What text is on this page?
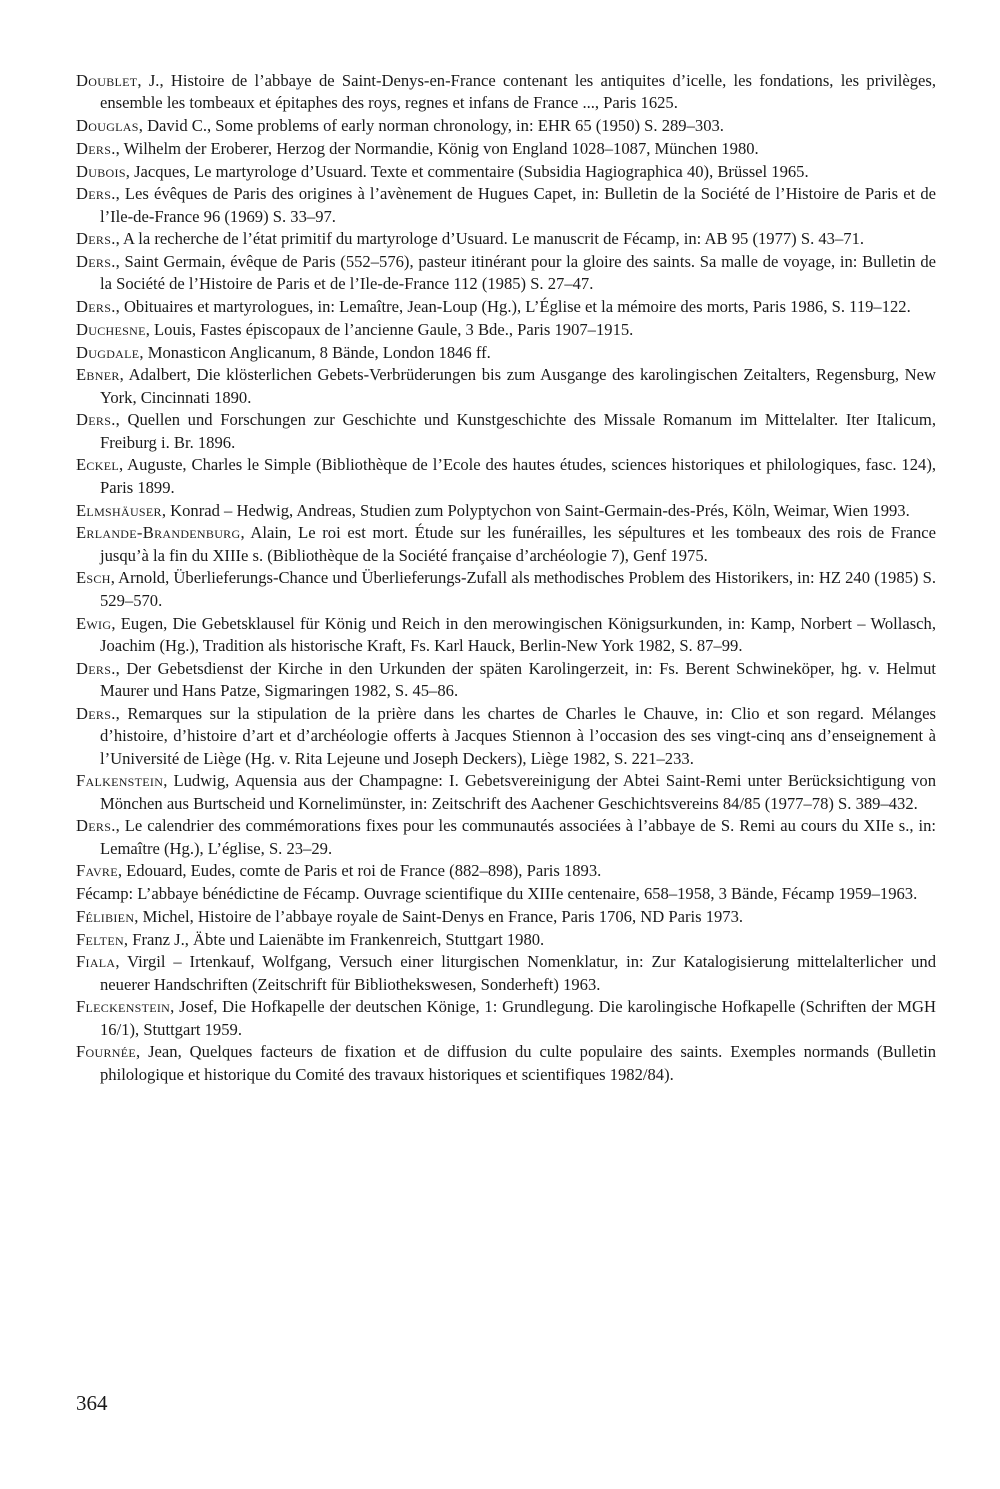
Doublet, J., Histoire de l’abbaye de Saint-Denys-en-France contenant les antiquites d’icelle, les fondations, les privilèges, ensemble les tombeaux et épitaphes des roys, regnes et infans de France ..., Paris 1625.

Douglas, David C., Some problems of early norman chronology, in: EHR 65 (1950) S. 289–303.

Ders., Wilhelm der Eroberer, Herzog der Normandie, König von England 1028–1087, München 1980.

Dubois, Jacques, Le martyrologe d’Usuard. Texte et commentaire (Subsidia Hagiographica 40), Brüssel 1965.

Ders., Les évêques de Paris des origines à l’avènement de Hugues Capet, in: Bulletin de la Société de l’Histoire de Paris et de l’Ile-de-France 96 (1969) S. 33–97.

Ders., A la recherche de l’état primitif du martyrologe d’Usuard. Le manuscrit de Fécamp, in: AB 95 (1977) S. 43–71.

Ders., Saint Germain, évêque de Paris (552–576), pasteur itinérant pour la gloire des saints. Sa malle de voyage, in: Bulletin de la Société de l’Histoire de Paris et de l’Ile-de-France 112 (1985) S. 27–47.

Ders., Obituaires et martyrologues, in: Lemaître, Jean-Loup (Hg.), L’Église et la mémoire des morts, Paris 1986, S. 119–122.

Duchesne, Louis, Fastes épiscopaux de l’ancienne Gaule, 3 Bde., Paris 1907–1915.

Dugdale, Monasticon Anglicanum, 8 Bände, London 1846 ff.

Ebner, Adalbert, Die klösterlichen Gebets-Verbrüderungen bis zum Ausgange des karolingischen Zeitalters, Regensburg, New York, Cincinnati 1890.

Ders., Quellen und Forschungen zur Geschichte und Kunstgeschichte des Missale Romanum im Mittelalter. Iter Italicum, Freiburg i. Br. 1896.

Eckel, Auguste, Charles le Simple (Bibliothèque de l’Ecole des hautes études, sciences historiques et philologiques, fasc. 124), Paris 1899.

Elmshäuser, Konrad – Hedwig, Andreas, Studien zum Polyptychon von Saint-Germain-des-Prés, Köln, Weimar, Wien 1993.

Erlande-Brandenburg, Alain, Le roi est mort. Étude sur les funérailles, les sépultures et les tombeaux des rois de France jusqu’à la fin du XIIIe s. (Bibliothèque de la Société française d’archéologie 7), Genf 1975.

Esch, Arnold, Überlieferungs-Chance und Überlieferungs-Zufall als methodisches Problem des Historikers, in: HZ 240 (1985) S. 529–570.

Ewig, Eugen, Die Gebetsklausel für König und Reich in den merowingischen Königsurkunden, in: Kamp, Norbert – Wollasch, Joachim (Hg.), Tradition als historische Kraft, Fs. Karl Hauck, Berlin-New York 1982, S. 87–99.

Ders., Der Gebetsdienst der Kirche in den Urkunden der späten Karolingerzeit, in: Fs. Berent Schwineköper, hg. v. Helmut Maurer und Hans Patze, Sigmaringen 1982, S. 45–86.

Ders., Remarques sur la stipulation de la prière dans les chartes de Charles le Chauve, in: Clio et son regard. Mélanges d’histoire, d’histoire d’art et d’archéologie offerts à Jacques Stiennon à l’occasion des ses vingt-cinq ans d’enseignement à l’Université de Liège (Hg. v. Rita Lejeune und Joseph Deckers), Liège 1982, S. 221–233.

Falkenstein, Ludwig, Aquensia aus der Champagne: I. Gebetsvereinigung der Abtei Saint-Remi unter Berücksichtigung von Mönchen aus Burtscheid und Kornelimünster, in: Zeitschrift des Aachener Geschichtsvereins 84/85 (1977–78) S. 389–432.

Ders., Le calendrier des commémorations fixes pour les communautés associées à l’abbaye de S. Remi au cours du XIIe s., in: Lemaître (Hg.), L’église, S. 23–29.

Favre, Edouard, Eudes, comte de Paris et roi de France (882–898), Paris 1893.

Fécamp: L’abbaye bénédictine de Fécamp. Ouvrage scientifique du XIIIe centenaire, 658–1958, 3 Bände, Fécamp 1959–1963.

Félibien, Michel, Histoire de l’abbaye royale de Saint-Denys en France, Paris 1706, ND Paris 1973.

Felten, Franz J., Äbte und Laienäbte im Frankenreich, Stuttgart 1980.

Fiala, Virgil – Irtenkauf, Wolfgang, Versuch einer liturgischen Nomenklatur, in: Zur Katalogisierung mittelalterlicher und neuerer Handschriften (Zeitschrift für Bibliothekswesen, Sonderheft) 1963.

Fleckenstein, Josef, Die Hofkapelle der deutschen Könige, 1: Grundlegung. Die karolingische Hofkapelle (Schriften der MGH 16/1), Stuttgart 1959.

Fournée, Jean, Quelques facteurs de fixation et de diffusion du culte populaire des saints. Exemples normands (Bulletin philologique et historique du Comité des travaux historiques et scientifiques 1982/84).

364
